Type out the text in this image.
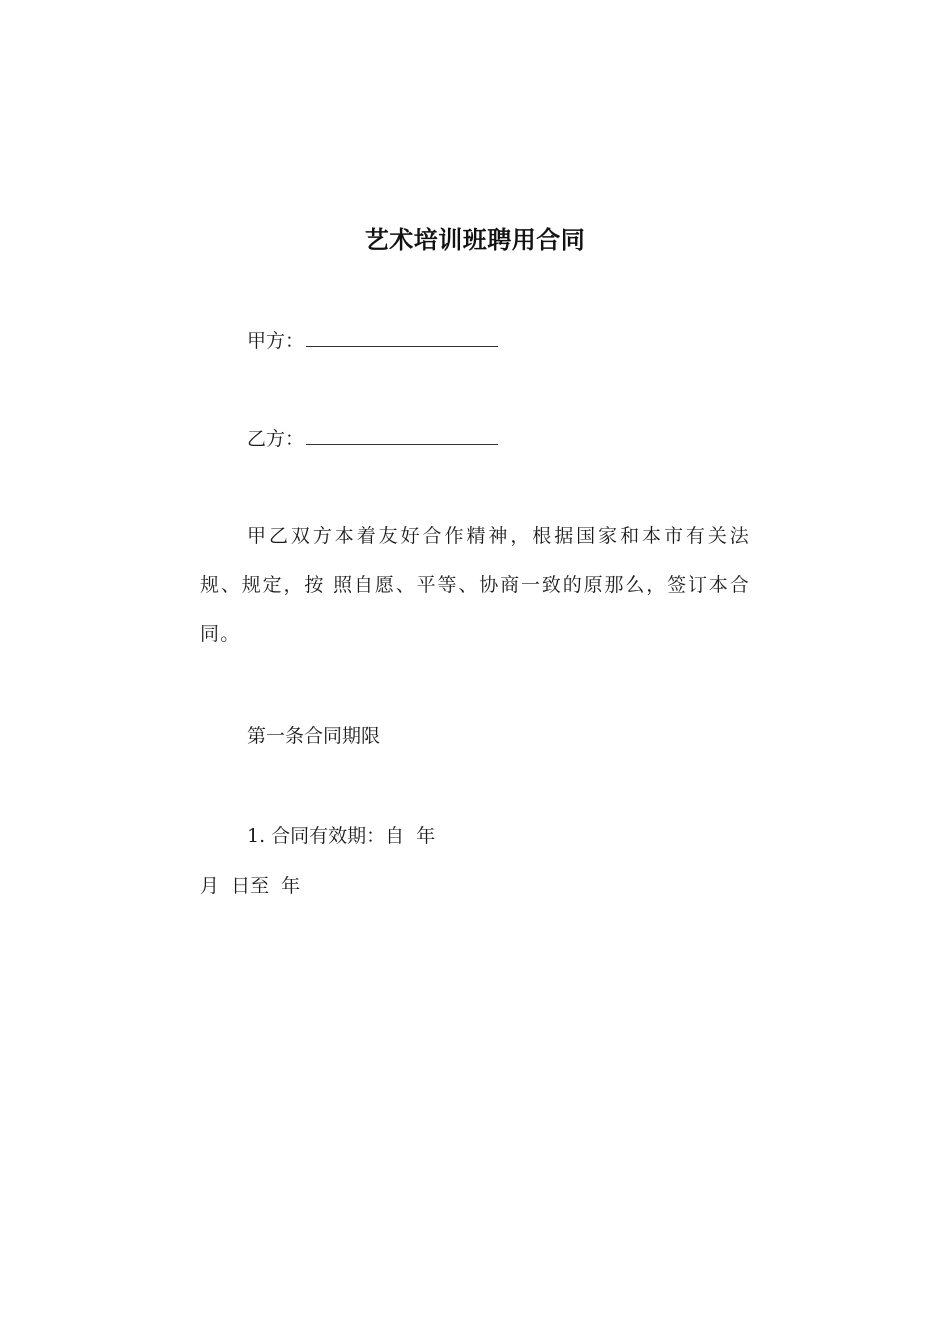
艺术培训班聘用合同
甲方：
乙方：
甲乙双方本着友好合作精神，根据国家和本市有关法规、规定，按 照自愿、平等、协商一致的原那么，签订本合同。
第一条合同期限
1. 合同有效期：自  年
月  日至  年
